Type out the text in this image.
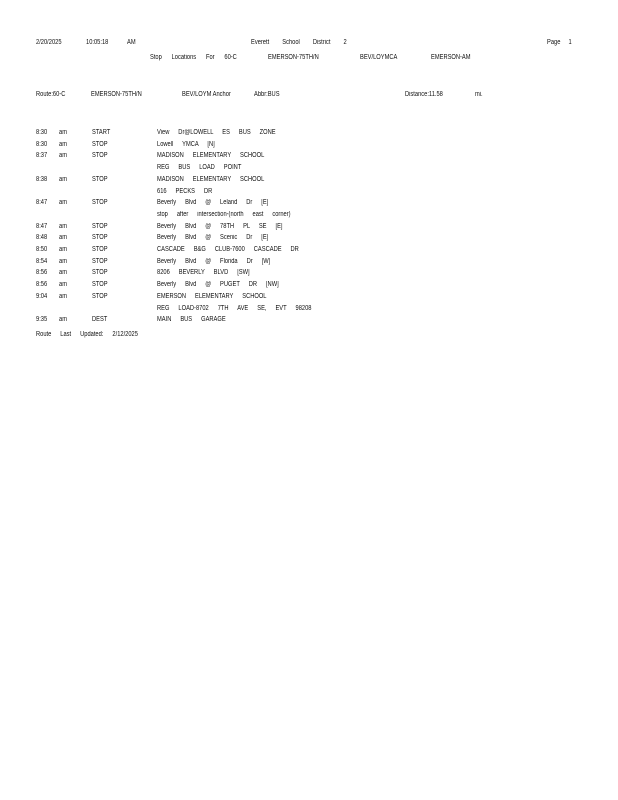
2/20/2025	10:05:18	AM	Everett School District 2	Page 1
Stop Locations For 60-C	EMERSON-75TH/N	BEV/LOYMCA	EMERSON-AM
Route:60-C	EMERSON-75TH/N	BEV/LOYM Anchor	Abbr:BUS	Distance:11.58	mi.
8:30	am	START	View Dr@LOWELL ES BUS ZONE
8:30	am	STOP	Lowell YMCA [N]
8:37	am	STOP	MADISON ELEMENTARY SCHOOL
REG BUS LOAD POINT
8:38	am	STOP	MADISON ELEMENTARY SCHOOL
616 PECKS DR
8:47	am	STOP	Beverly Blvd @ Leland Dr [E]
stop after intersection-(north east corner)
8:47	am	STOP	Beverly Blvd @ 78TH PL SE [E]
8:48	am	STOP	Beverly Blvd @ Scenic Dr [E]
8:50	am	STOP	CASCADE B&G CLUB-7600 CASCADE DR
8:54	am	STOP	Beverly Blvd @ Florida Dr [W]
8:56	am	STOP	8206 BEVERLY BLVD [SW]
8:56	am	STOP	Beverly Blvd @ PUGET DR [NW]
9:04	am	STOP	EMERSON ELEMENTARY SCHOOL
REG LOAD-8702 7TH AVE SE, EVT 98208
9:35	am	DEST	MAIN BUS GARAGE
Route Last Updated: 2/12/2025
